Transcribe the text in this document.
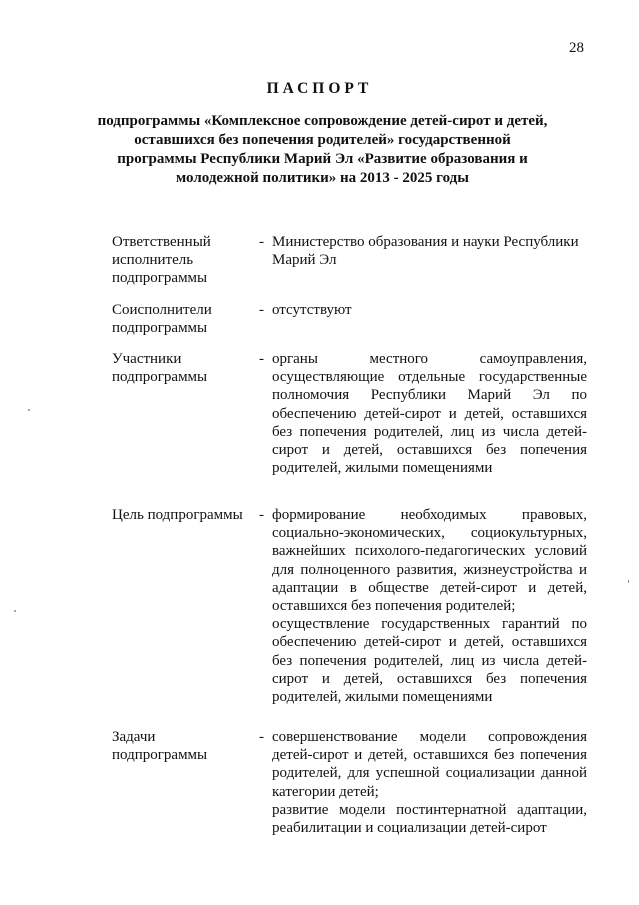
28
ПАСПОРТ
подпрограммы «Комплексное сопровождение детей-сирот и детей, оставшихся без попечения родителей» государственной программы Республики Марий Эл «Развитие образования и молодежной политики» на 2013 - 2025 годы
Ответственный исполнитель подпрограммы
- Министерство образования и науки Республики Марий Эл

Соисполнители подпрограммы
- отсутствуют

Участники подпрограммы
- органы местного самоуправления, осуществляющие отдельные государственные полномочия Республики Марий Эл по обеспечению детей-сирот и детей, оставшихся без попечения родителей, лиц из числа детей-сирот и детей, оставшихся без попечения родителей, жилыми помещениями

Цель подпрограммы	- формирование необходимых правовых, социально-экономических, социокультурных, важнейших психолого-педагогических условий для полноценного развития, жизнеустройства и адаптации в обществе детей-сирот и детей, оставшихся без попечения родителей;

осуществление государственных гарантий по обеспечению детей-сирот и детей, оставшихся без попечения родителей, лиц из числа детей-сирот и детей, оставшихся без попечения родителей, жилыми помещениями

Задачи подпрограммы
- совершенствование модели сопровождения детей-сирот и детей, оставшихся без попечения родителей, для успешной социализации данной категории детей;

развитие модели постинтернатной адаптации, реабилитации и социализации детей-сирот
